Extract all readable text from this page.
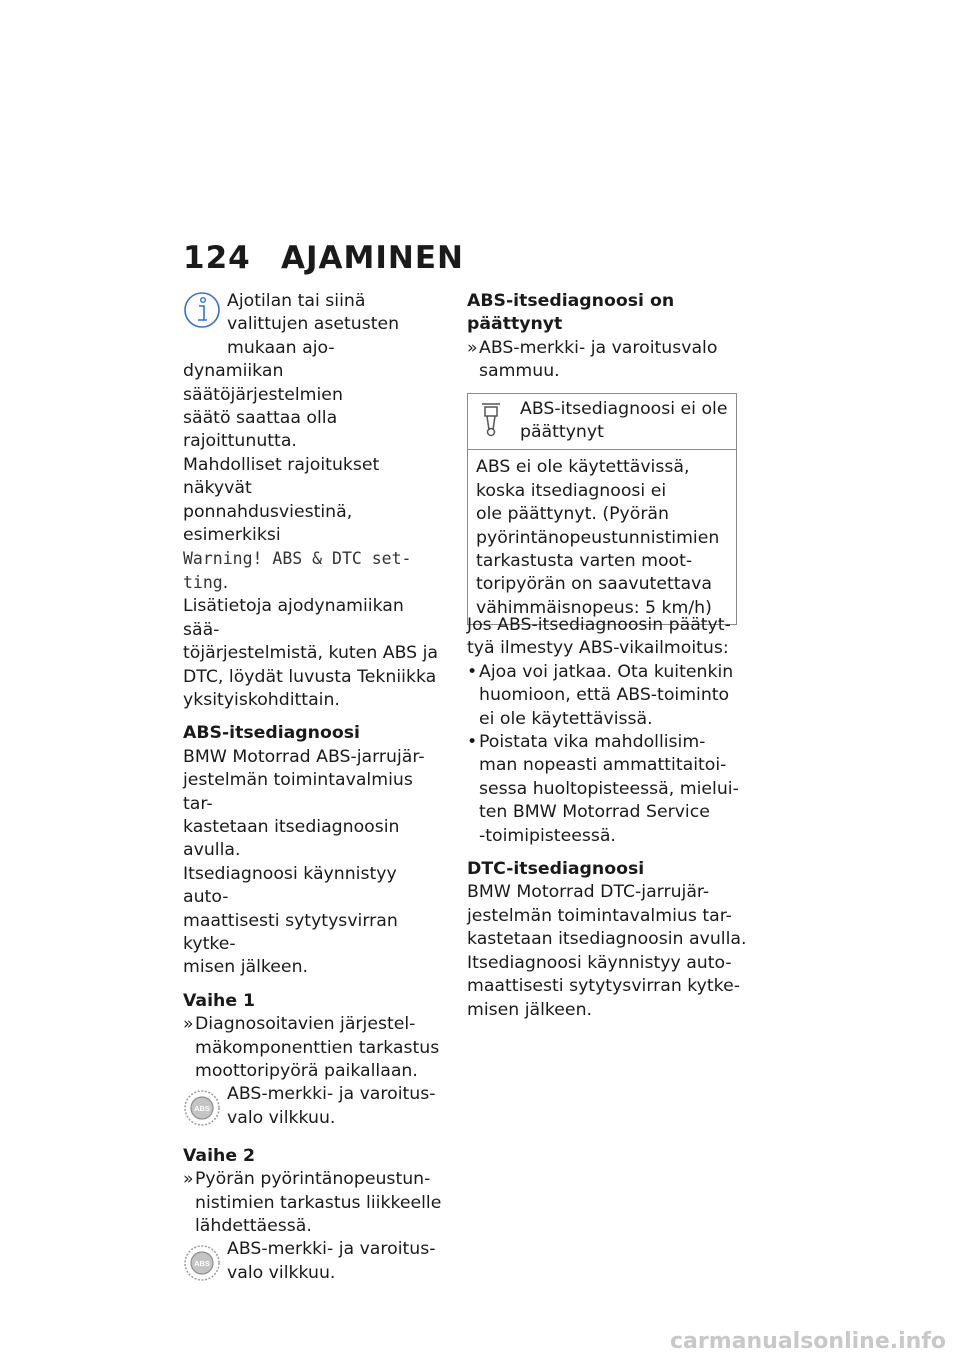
124 AJAMINEN

Ajotilan tai siinä valittujen asetusten mukaan ajo-

dynamiikan säätöjärjestelmien

säätö saattaa olla rajoittunutta.

Mahdolliset rajoitukset näkyvät

ponnahdusviestinä, esimerkiksi

Warning! ABS & DTC set-

ting.

Lisätietoja ajodynamiikan sää-

töjärjestelmistä, kuten ABS ja

DTC, löydät luvusta Tekniikka

yksityiskohdittain.

ABS-itsediagnoosi

BMW Motorrad ABS-jarrujär-

jestelmän toimintavalmius tar-

kastetaan itsediagnoosin avulla.

Itsediagnoosi käynnistyy auto-

maattisesti sytytysvirran kytke-

misen jälkeen.

Vaihe 1

» Diagnosoitavien järjestel-

mäkomponenttien tarkastus

moottoripyörä paikallaan.

ABS

ABS-merkki- ja varoitus-

valo vilkkuu.

Vaihe 2

» Pyörän pyörintänopeustun-

nistimien tarkastus liikkeelle

lähdettäessä.

ABS

ABS-merkki- ja varoitus-

valo vilkkuu.

ABS-itsediagnoosi on

päättynyt

» ABS-merkki- ja varoitusvalo

sammuu.

ABS-itsediagnoosi ei ole

päättynyt

ABS ei ole käytettävissä,

koska itsediagnoosi ei

ole päättynyt. (Pyörän

pyörintänopeustunnistimien

tarkastusta varten moot-

toripyörän on saavutettava

vähimmäisnopeus: 5 km/h)

Jos ABS-itsediagnoosin päätyt-

tyä ilmestyy ABS-vikailmoitus:

• Ajoa voi jatkaa. Ota kuitenkin

huomioon, että ABS-toiminto

ei ole käytettävissä.

• Poistata vika mahdollisim-

man nopeasti ammattitaitoi-

sessa huoltopisteessä, mielui-

ten BMW Motorrad Service

-toimipisteessä.

DTC-itsediagnoosi

BMW Motorrad DTC-jarrujär-

jestelmän toimintavalmius tar-

kastetaan itsediagnoosin avulla.

Itsediagnoosi käynnistyy auto-

maattisesti sytytysvirran kytke-

misen jälkeen.

carmanualsonline.info
